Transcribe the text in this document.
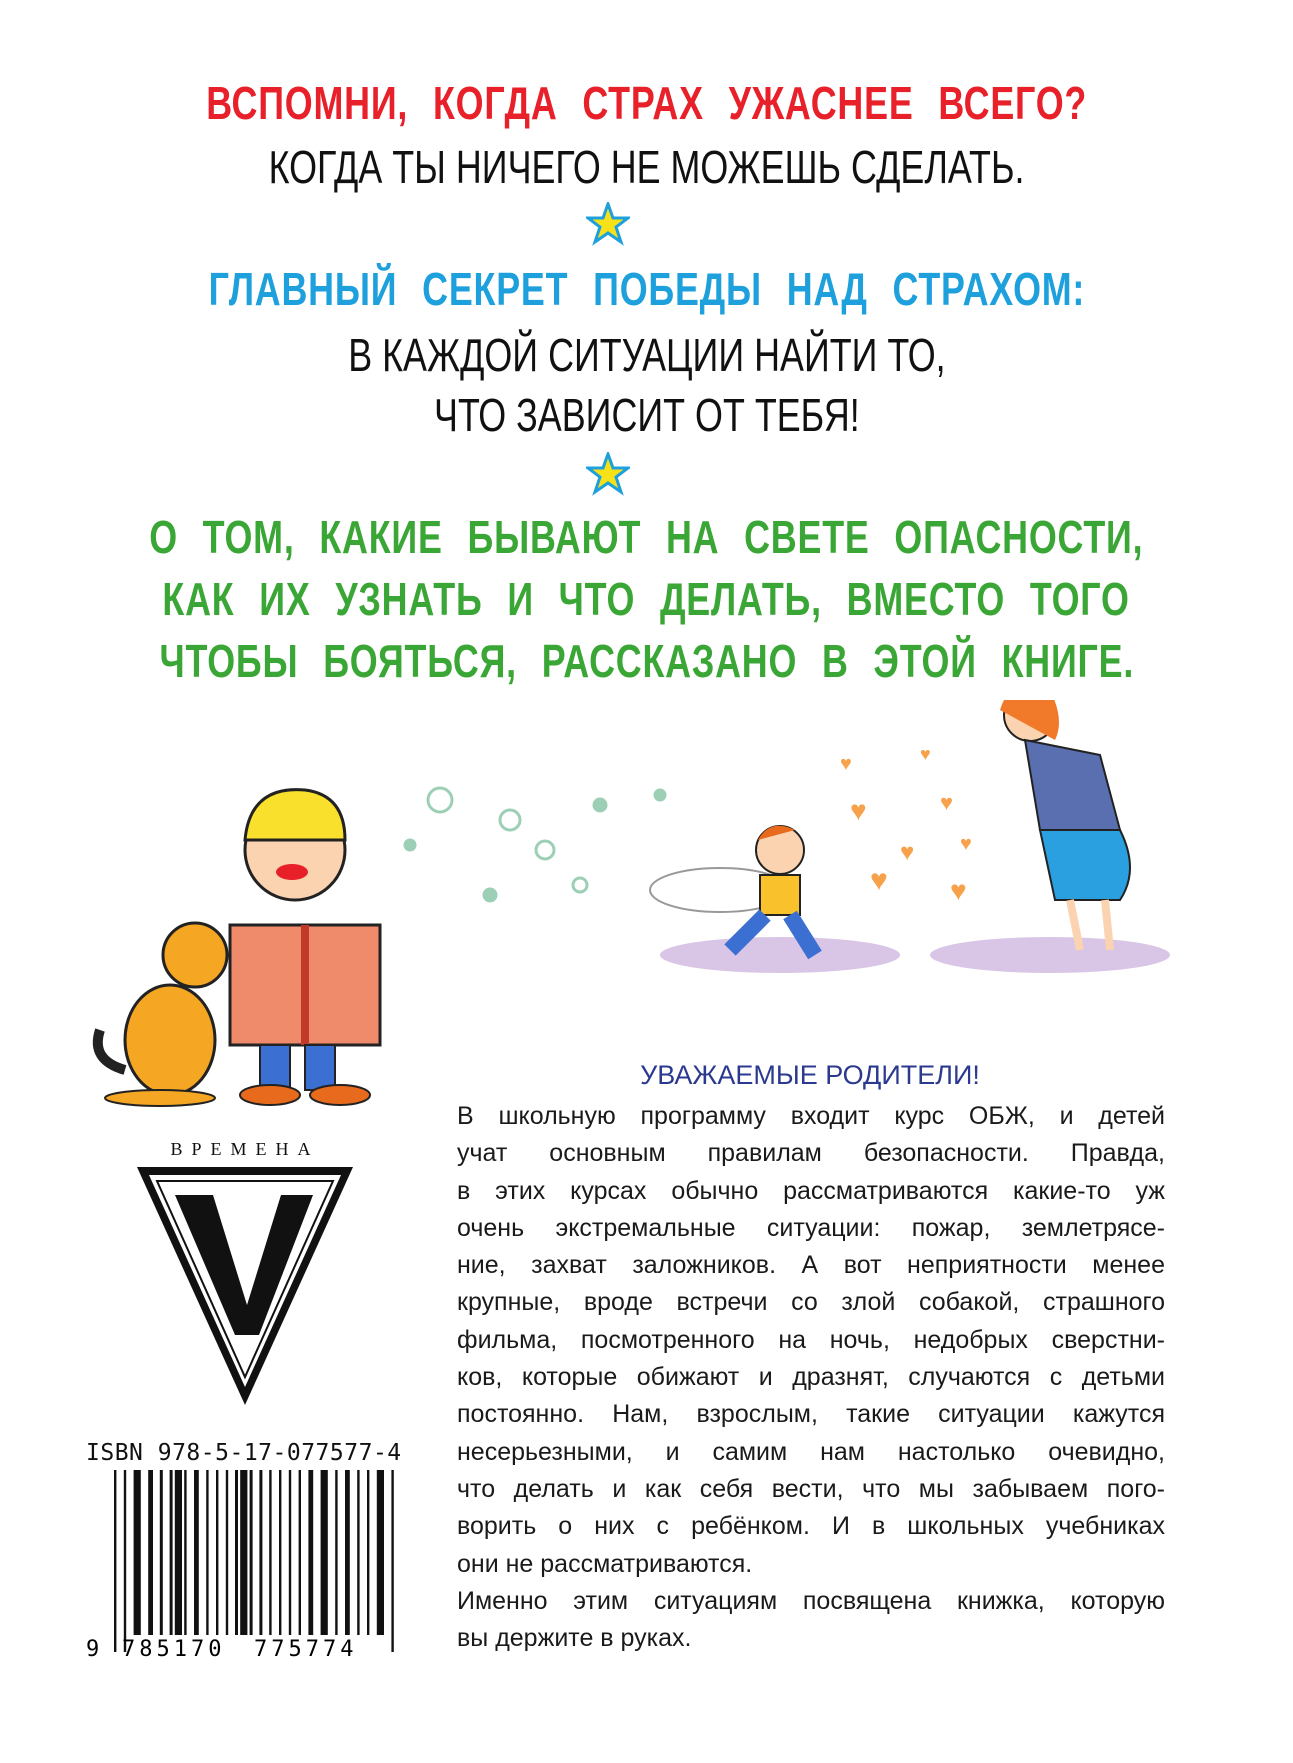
ВСПОМНИ, КОГДА СТРАХ УЖАСНЕЕ ВСЕГО?
КОГДА ТЫ НИЧЕГО НЕ МОЖЕШЬ СДЕЛАТЬ.
ГЛАВНЫЙ СЕКРЕТ ПОБЕДЫ НАД СТРАХОМ:
В КАЖДОЙ СИТУАЦИИ НАЙТИ ТО,
ЧТО ЗАВИСИТ ОТ ТЕБЯ!
О ТОМ, КАКИЕ БЫВАЮТ НА СВЕТЕ ОПАСНОСТИ,
КАК ИХ УЗНАТЬ И ЧТО ДЕЛАТЬ, ВМЕСТО ТОГО
ЧТОБЫ БОЯТЬСЯ, РАССКАЗАНО В ЭТОЙ КНИГЕ.
♥
♥
♥
♥
♥
♥	♥
♥
УВАЖАЕМЫЕ РОДИТЕЛИ!
В школьную программу входит курс ОБЖ, и детей
учат основным правилам безопасности. Правда,
в этих курсах обычно рассматриваются какие-то уж
очень экстремальные ситуации: пожар, землетрясе-
ние, захват заложников. А вот неприятности менее
крупные, вроде встречи со злой собакой, страшного
фильма, посмотренного на ночь, недобрых сверстни-
ков, которые обижают и дразнят, случаются с детьми
постоянно. Нам, взрослым, такие ситуации кажутся
несерьезными, и самим нам настолько очевидно,
что делать и как себя вести, что мы забываем пого-
ворить о них с ребёнком. И в школьных учебниках
они не рассматриваются.
Именно этим ситуациям посвящена книжка, которую
вы держите в руках.
ВРЕМЕНА
ISBN 978-5-17-077577-4
9 785170 775774
